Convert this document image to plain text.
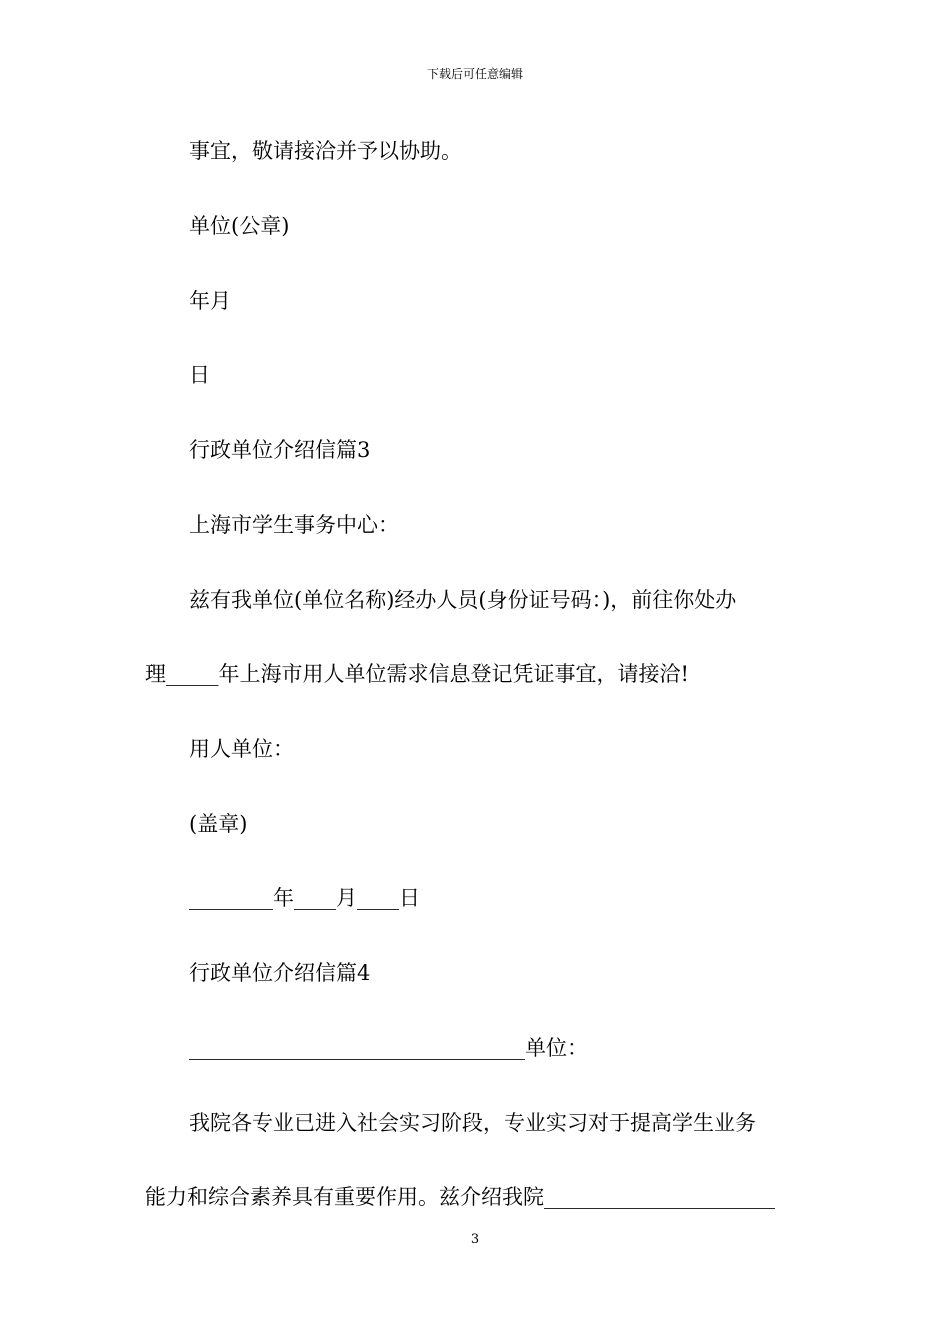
下载后可任意编辑
事宜，敬请接洽并予以协助。
单位(公章)
年月
日
行政单位介绍信篇3
上海市学生事务中心：
兹有我单位(单位名称)经办人员(身份证号码：)，前往你处办
理_____年上海市用人单位需求信息登记凭证事宜，请接洽!
用人单位：
(盖章)
________年____月____日
行政单位介绍信篇4
________________________________单位：
我院各专业已进入社会实习阶段，专业实习对于提高学生业务
能力和综合素养具有重要作用。兹介绍我院______________________
3
